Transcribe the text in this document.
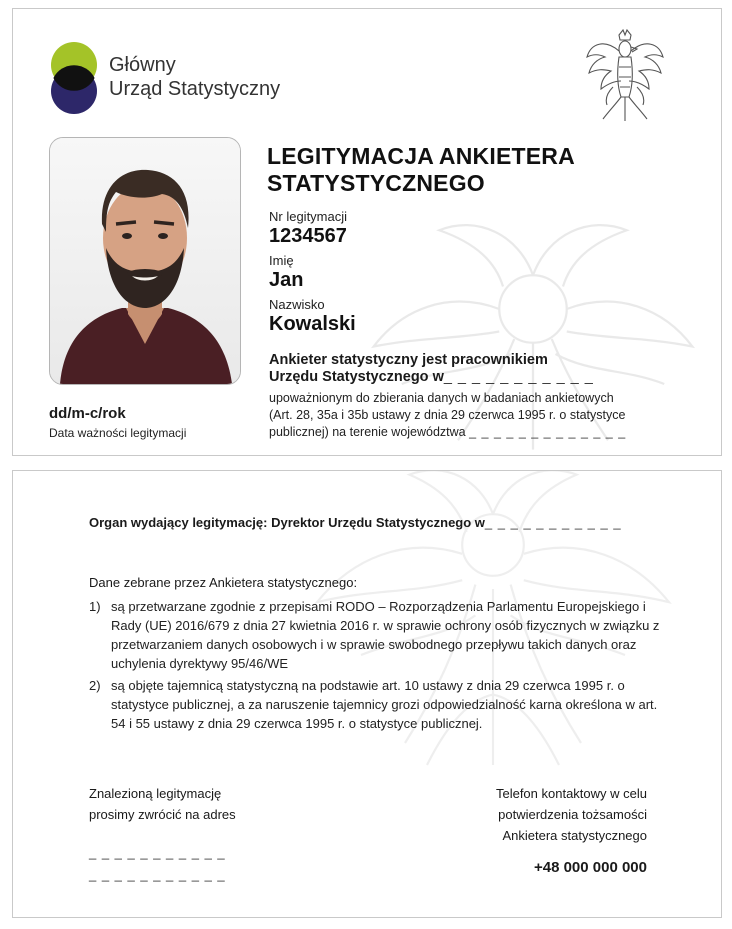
Główny
Urząd Statystyczny
dd/m-c/rok
Data ważności legitymacji
LEGITYMACJA ANKIETERA STATYSTYCZNEGO
Nr legitymacji
1234567
Imię
Jan
Nazwisko
Kowalski
Ankieter statystyczny jest pracownikiem
Urzędu Statystycznego w_ _ _ _ _ _ _ _ _ _ _
upoważnionym do zbierania danych w badaniach ankietowych
(Art. 28, 35a i 35b ustawy z dnia 29 czerwca 1995 r. o statystyce
publicznej) na terenie województwa _ _ _ _ _ _ _ _ _ _ _ _ _
Organ wydający legitymację: Dyrektor Urzędu Statystycznego w_ _ _ _ _ _ _ _ _ _ _
Dane zebrane przez Ankietera statystycznego:
1) są przetwarzane zgodnie z przepisami RODO – Rozporządzenia Parlamentu Europejskiego i Rady (UE) 2016/679 z dnia 27 kwietnia 2016 r. w sprawie ochrony osób fizycznych w związku z przetwarzaniem danych osobowych i w sprawie swobodnego przepływu takich danych oraz uchylenia dyrektywy 95/46/WE
2) są objęte tajemnicą statystyczną na podstawie art. 10 ustawy z dnia 29 czerwca 1995 r. o statystyce publicznej, a za naruszenie tajemnicy grozi odpowiedzialność karna określona w art. 54 i 55 ustawy z dnia 29 czerwca 1995 r. o statystyce publicznej.
Znalezioną legitymację
prosimy zwrócić na adres
_ _ _ _ _ _ _ _ _ _ _
_ _ _ _ _ _ _ _ _ _ _
Telefon kontaktowy w celu
potwierdzenia tożsamości
Ankietera statystycznego
+48 000 000 000
